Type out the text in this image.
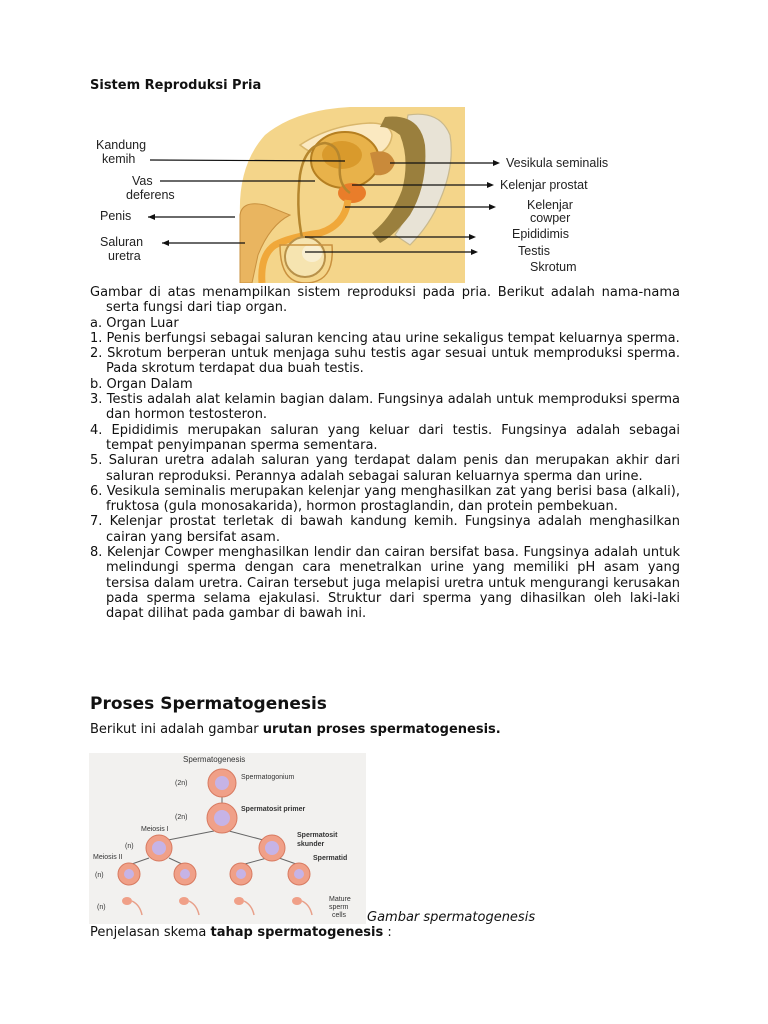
Sistem Reproduksi Pria
Kandung
kemih
Vas
deferens
Penis
Saluran
uretra
Vesikula seminalis
Kelenjar prostat
Kelenjar
cowper
Epididimis
Testis
Skrotum

Gambar di atas menampilkan sistem reproduksi pada pria. Berikut adalah nama-nama serta fungsi dari tiap organ.

a. Organ Luar

1. Penis berfungsi sebagai saluran kencing atau urine sekaligus tempat keluarnya sperma.

2. Skrotum berperan untuk menjaga suhu testis agar sesuai untuk memproduksi sperma. Pada skrotum terdapat dua buah testis.

b. Organ Dalam

3. Testis adalah alat kelamin bagian dalam. Fungsinya adalah untuk memproduksi sperma dan hormon testosteron.

4. Epididimis merupakan saluran yang keluar dari testis. Fungsinya adalah sebagai tempat penyimpanan sperma sementara.

5. Saluran uretra adalah saluran yang terdapat dalam penis dan merupakan akhir dari saluran reproduksi. Perannya adalah sebagai saluran keluarnya sperma dan urine.

6. Vesikula seminalis merupakan kelenjar yang menghasilkan zat yang berisi basa (alkali), fruktosa (gula monosakarida), hormon prostaglandin, dan protein pembekuan.

7. Kelenjar prostat terletak di bawah kandung kemih. Fungsinya adalah menghasilkan cairan yang bersifat asam.

8. Kelenjar Cowper menghasilkan lendir dan cairan bersifat basa. Fungsinya adalah untuk melindungi sperma dengan cara menetralkan urine yang memiliki pH asam yang tersisa dalam uretra. Cairan tersebut juga melapisi uretra untuk mengurangi kerusakan pada sperma selama ejakulasi. Struktur dari sperma yang dihasilkan oleh laki-laki dapat dilihat pada gambar di bawah ini.

Proses Spermatogenesis
Berikut ini adalah gambar urutan proses spermatogenesis.
Spermatogenesis
(2n)
Spermatogonium
(2n)
Spermatosit primer
Meiosis I
(n)
Spermatosit
skunder
Meiosis II	Spermatid
(n)
(n)
Mature
sperm
cells Gambar spermatogenesis
Penjelasan skema tahap spermatogenesis :
